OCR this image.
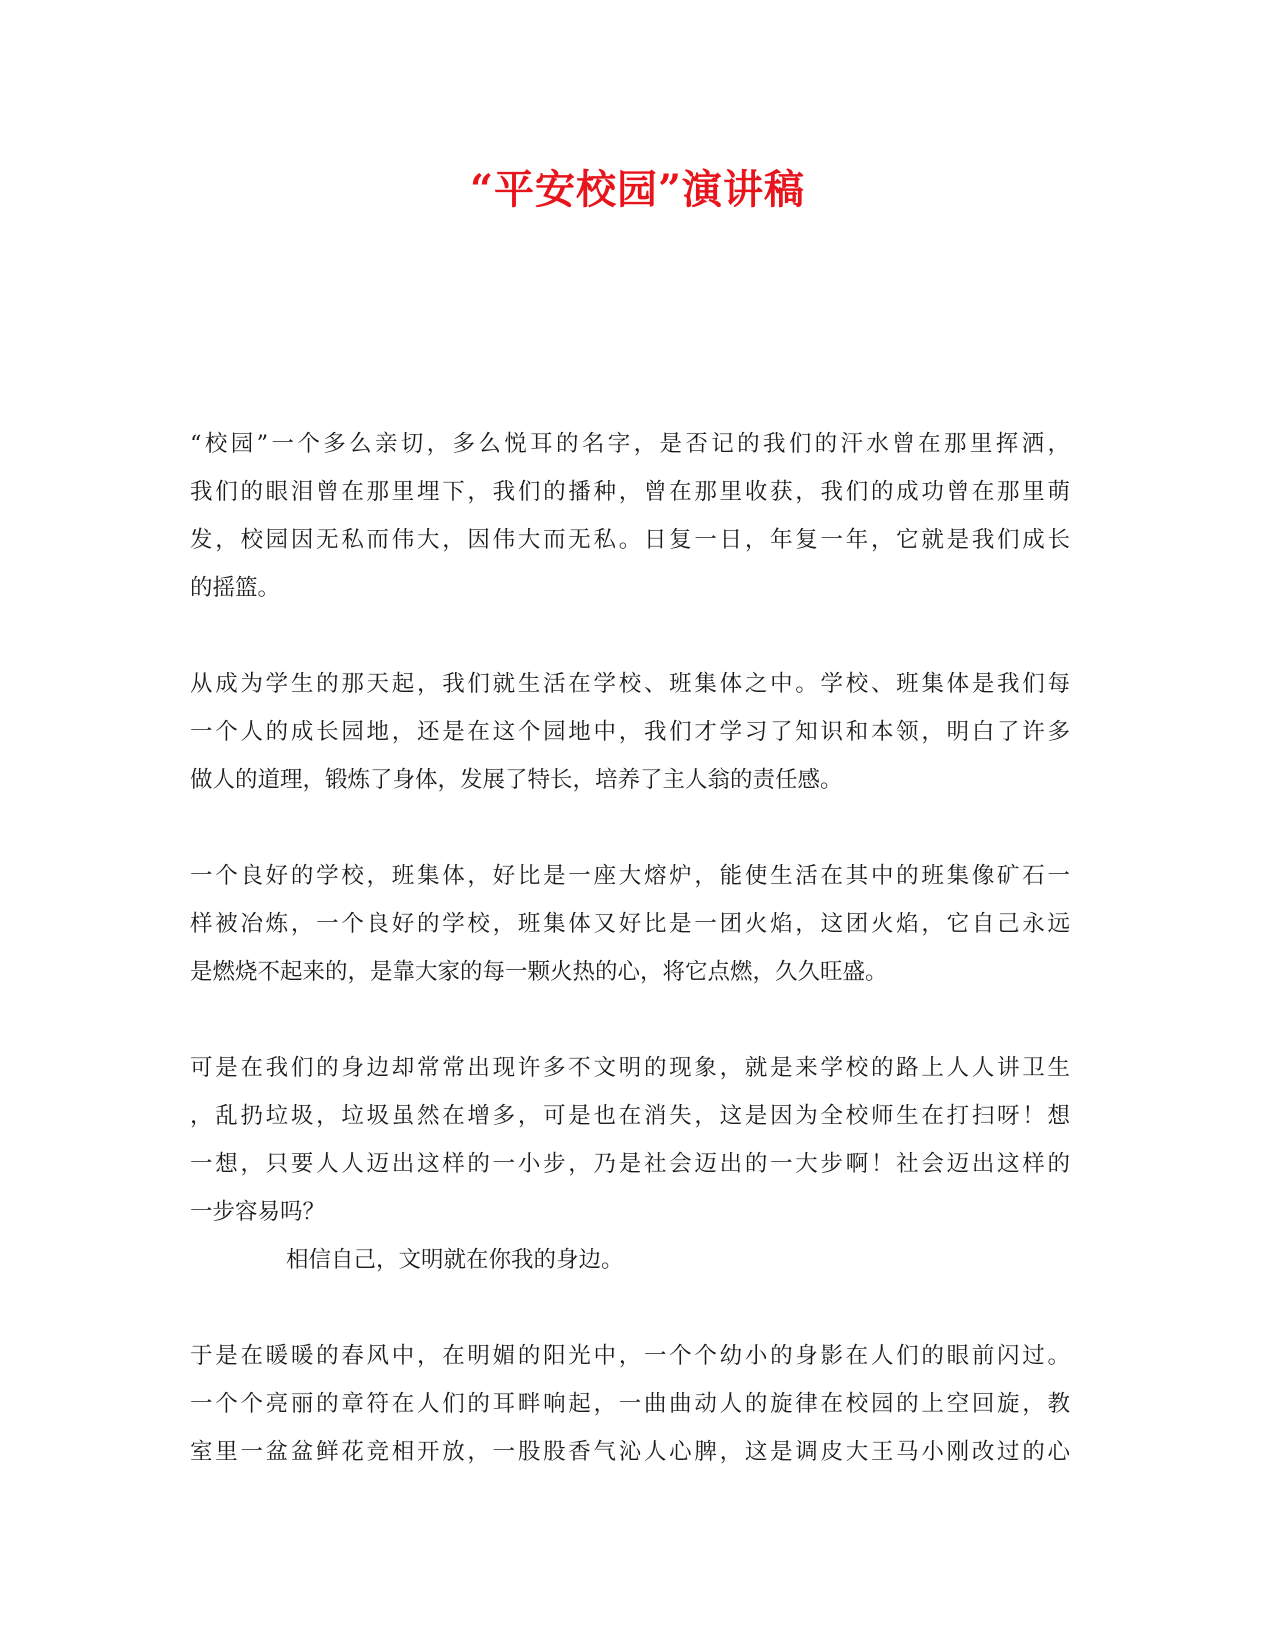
“平安校园”演讲稿
“校园”一个多么亲切，多么悦耳的名字，是否记的我们的汗水曾在那里挥洒，
我们的眼泪曾在那里埋下，我们的播种，曾在那里收获，我们的成功曾在那里萌
发，校园因无私而伟大，因伟大而无私。日复一日，年复一年，它就是我们成长
的摇篮。
从成为学生的那天起，我们就生活在学校、班集体之中。学校、班集体是我们每
一个人的成长园地，还是在这个园地中，我们才学习了知识和本领，明白了许多
做人的道理，锻炼了身体，发展了特长，培养了主人翁的责任感。
一个良好的学校，班集体，好比是一座大熔炉，能使生活在其中的班集像矿石一
样被冶炼，一个良好的学校，班集体又好比是一团火焰，这团火焰，它自己永远
是燃烧不起来的，是靠大家的每一颗火热的心，将它点燃，久久旺盛。
可是在我们的身边却常常出现许多不文明的现象，就是来学校的路上人人讲卫生
，乱扔垃圾，垃圾虽然在增多，可是也在消失，这是因为全校师生在打扫呀！想
一想，只要人人迈出这样的一小步，乃是社会迈出的一大步啊！社会迈出这样的
一步容易吗？
相信自己，文明就在你我的身边。
于是在暖暖的春风中，在明媚的阳光中，一个个幼小的身影在人们的眼前闪过。
一个个亮丽的章符在人们的耳畔响起，一曲曲动人的旋律在校园的上空回旋，教
室里一盆盆鲜花竞相开放，一股股香气沁人心脾，这是调皮大王马小刚改过的心
